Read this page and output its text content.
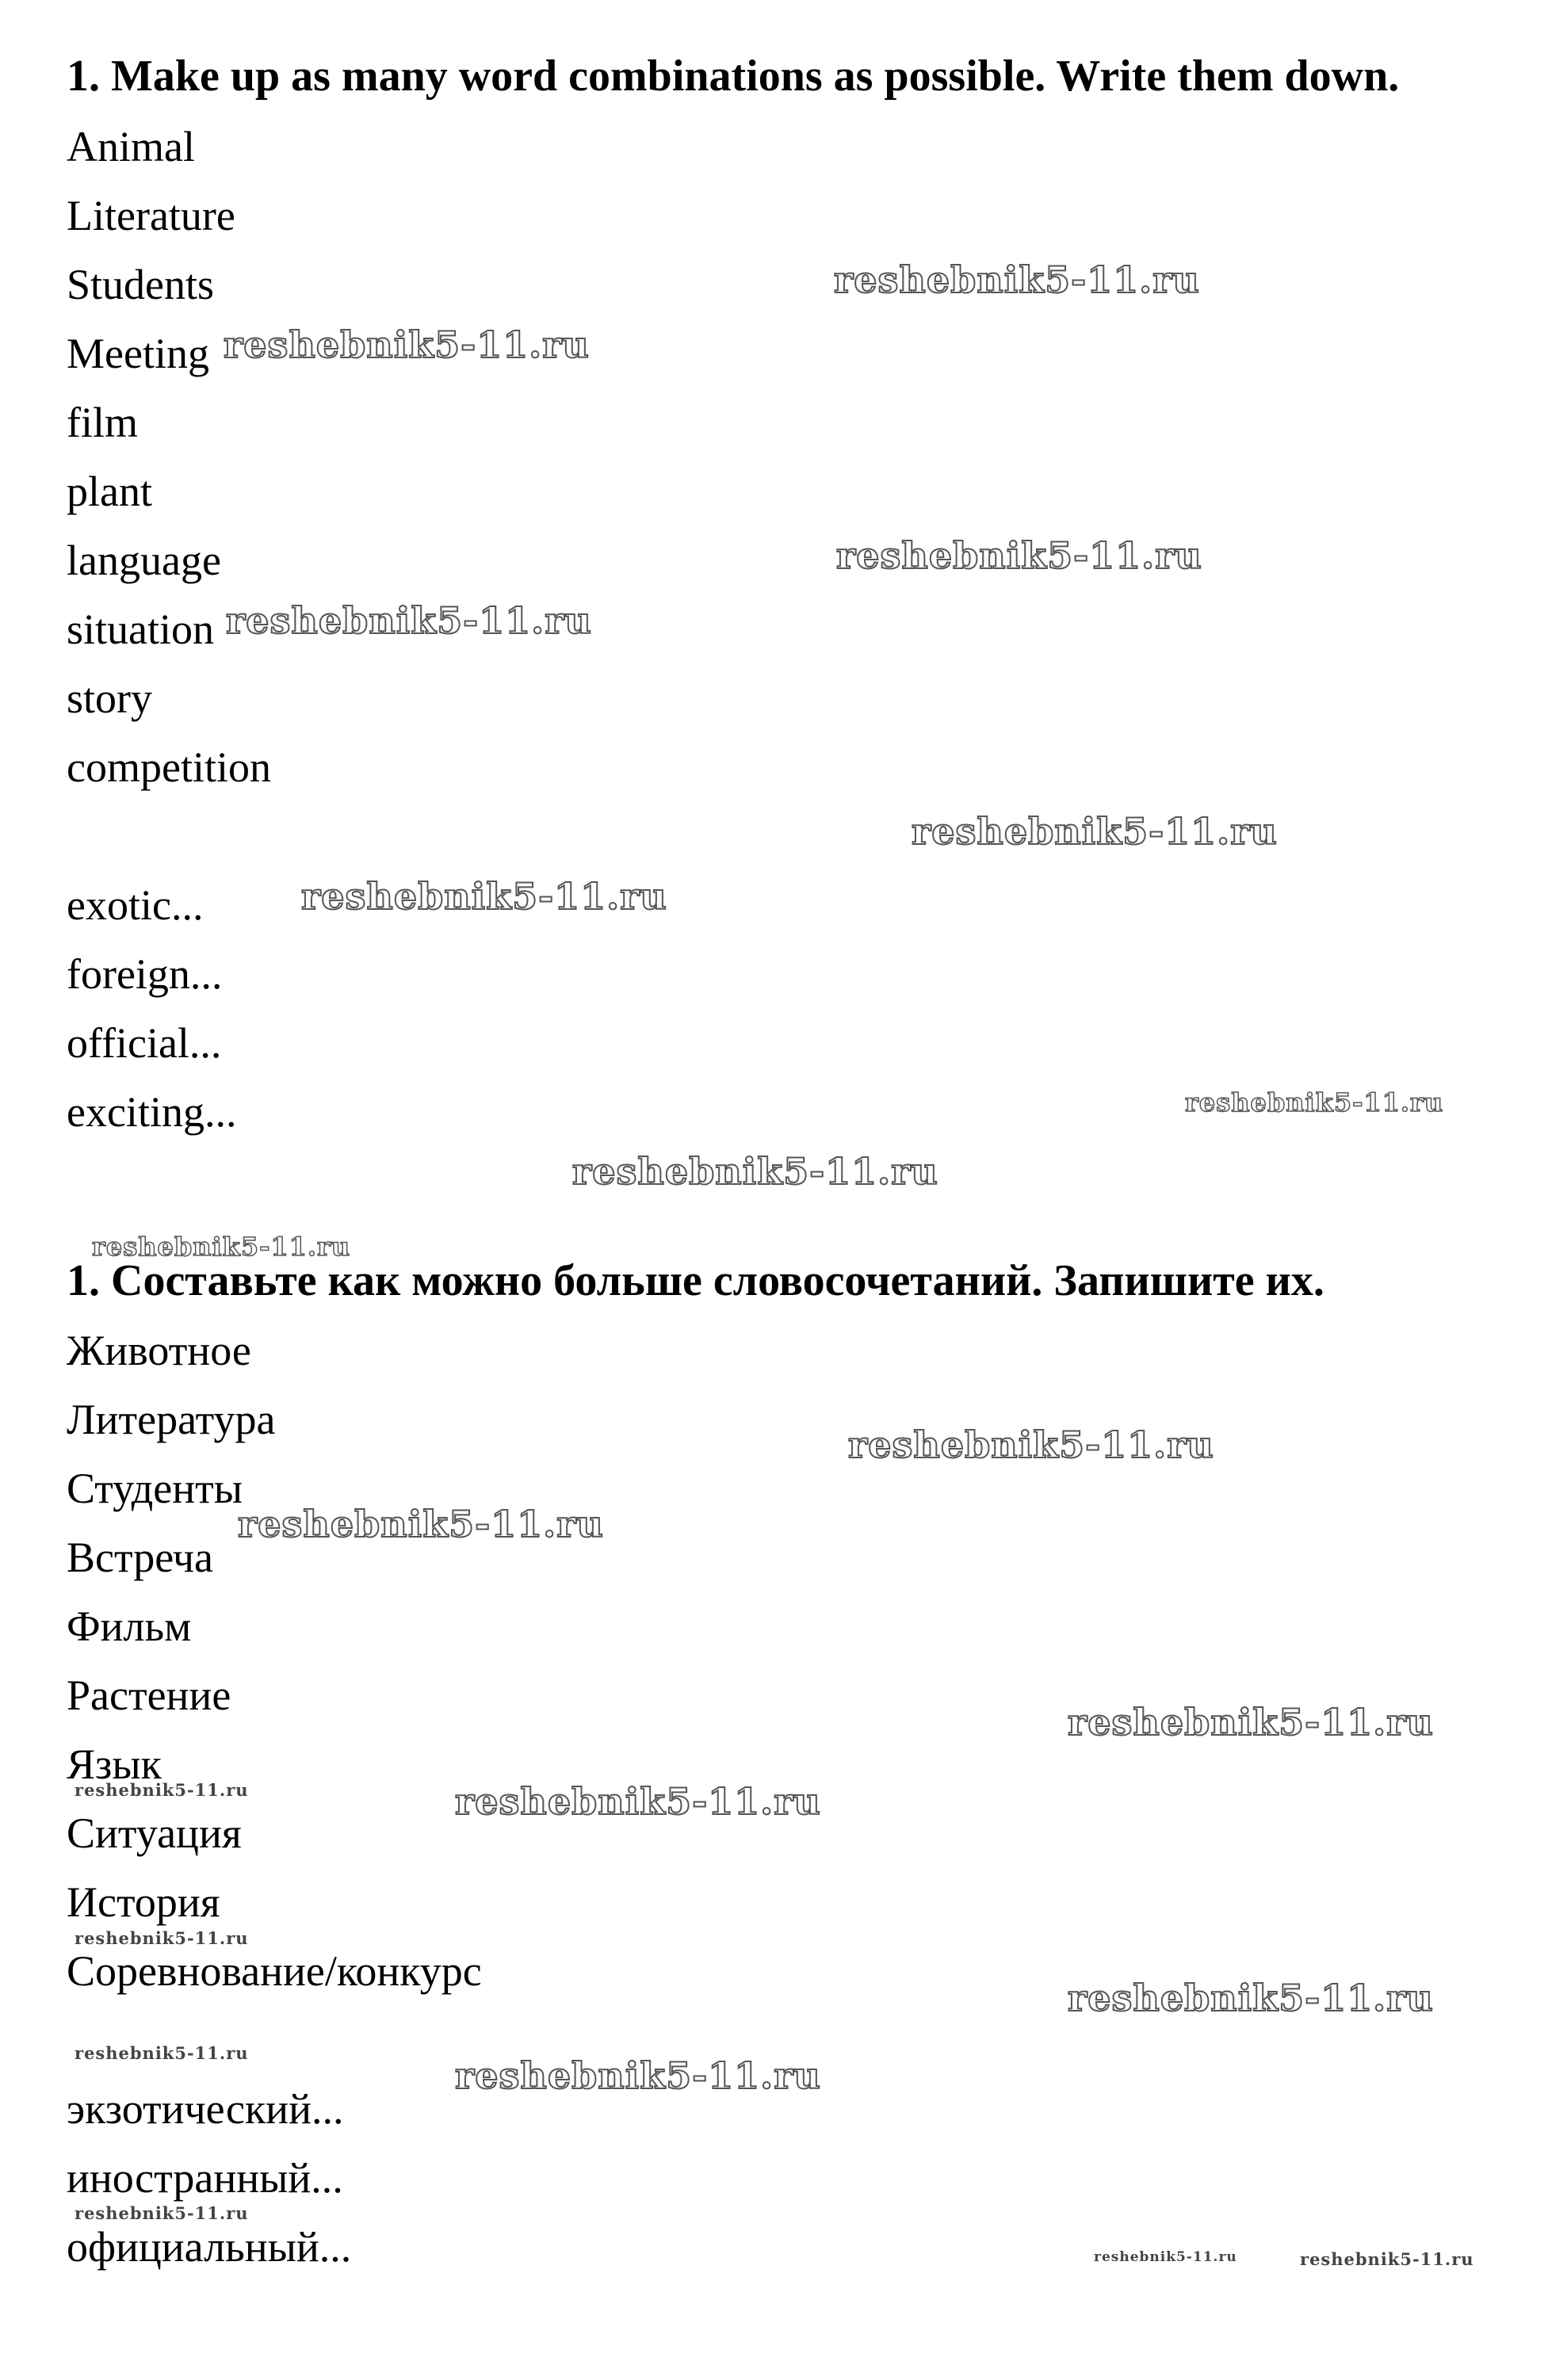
1. Make up as many word combinations as possible. Write them down.
Animal
Literature
Students
Meeting
film
plant
language
situation
story
competition
exotic...
foreign...
official...
exciting...
1. Составьте как можно больше словосочетаний. Запишите их.
Животное
Литература
Студенты
Встреча
Фильм
Растение
Язык
Ситуация
История
Соревнование/конкурс
экзотический...
иностранный...
официальный...
reshebnik5-11.ru
reshebnik5-11.ru
reshebnik5-11.ru
reshebnik5-11.ru
reshebnik5-11.ru
reshebnik5-11.ru
reshebnik5-11.ru
reshebnik5-11.ru
reshebnik5-11.ru
reshebnik5-11.ru
reshebnik5-11.ru
reshebnik5-11.ru
reshebnik5-11.ru	reshebnik5-11.ru
reshebnik5-11.ru
reshebnik5-11.ru
reshebnik5-11.ru
reshebnik5-11.ru
reshebnik5-11.ru
reshebnik5-11.ru	reshebnik5-11.ru
